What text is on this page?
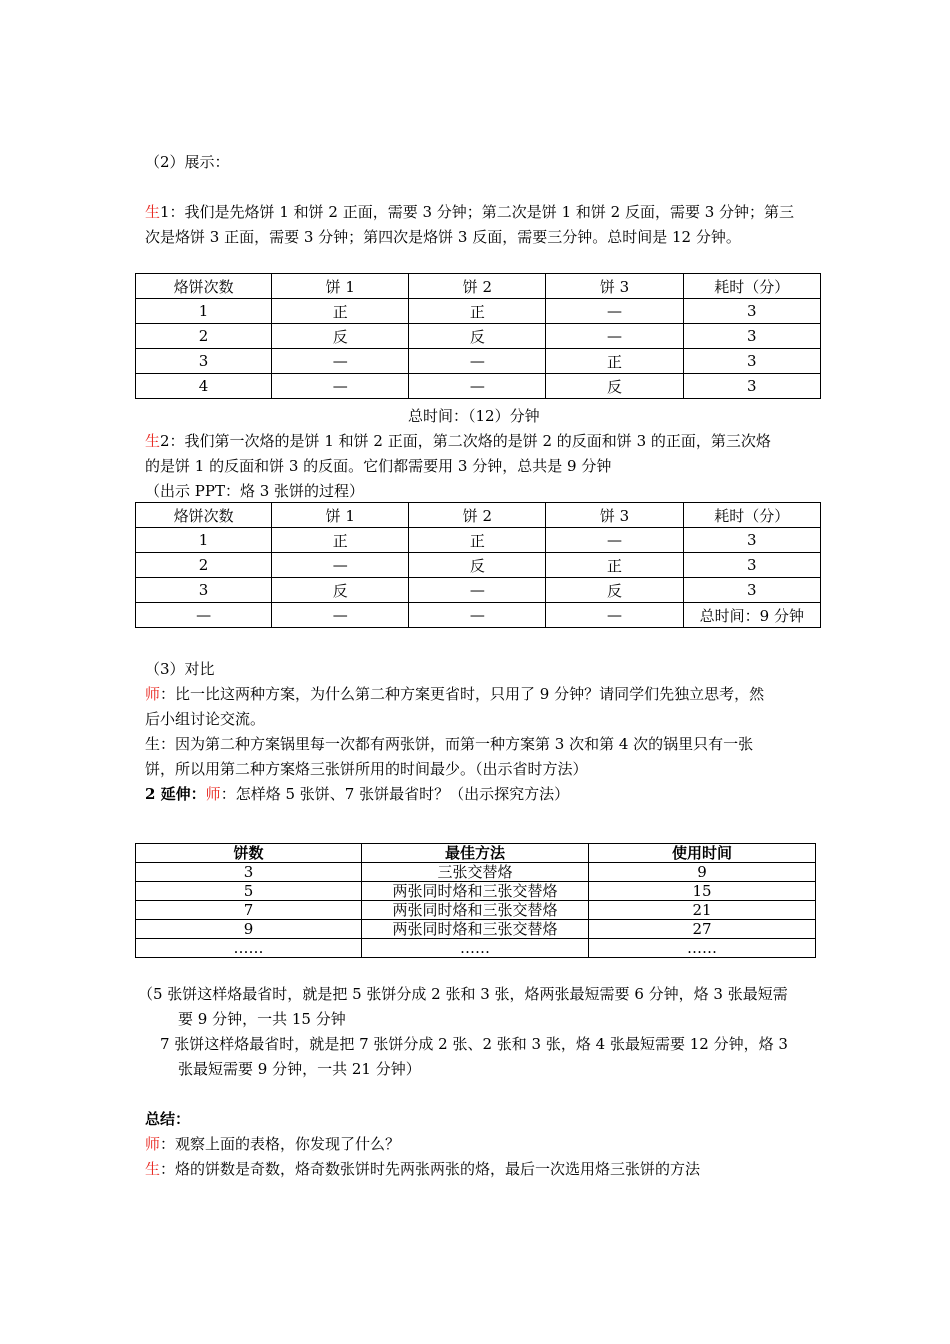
（2）展示：
生1：我们是先烙饼 1 和饼 2 正面，需要 3 分钟；第二次是饼 1 和饼 2 反面，需要 3 分钟；第三
次是烙饼 3 正面，需要 3 分钟；第四次是烙饼 3 反面，需要三分钟。总时间是 12 分钟。
烙饼次数	饼 1	饼 2	饼 3	耗时（分）
1	正	正	—	3
2	反	反	—	3
3	—	—	正	3
4	—	—	反	3
总时间：（12）分钟
生2：我们第一次烙的是饼 1 和饼 2 正面，第二次烙的是饼 2 的反面和饼 3 的正面，第三次烙
的是饼 1 的反面和饼 3 的反面。它们都需要用 3 分钟，总共是 9 分钟
（出示 PPT：烙 3 张饼的过程）
烙饼次数	饼 1	饼 2	饼 3	耗时（分）
1	正	正	—	3
2	—	反	正	3
3	反	—	反	3
—	—	—	—	总时间：9 分钟
（3）对比
师：比一比这两种方案，为什么第二种方案更省时，只用了 9 分钟？请同学们先独立思考，然
后小组讨论交流。
生：因为第二种方案锅里每一次都有两张饼，而第一种方案第 3 次和第 4 次的锅里只有一张
饼，所以用第二种方案烙三张饼所用的时间最少。（出示省时方法）
2 延伸：师：怎样烙 5 张饼、7 张饼最省时？（出示探究方法）
饼数	最佳方法	使用时间
3	三张交替烙	9
5	两张同时烙和三张交替烙	15
7	两张同时烙和三张交替烙	21
9	两张同时烙和三张交替烙	27
……	……	……
（5 张饼这样烙最省时，就是把 5 张饼分成 2 张和 3 张，烙两张最短需要 6 分钟，烙 3 张最短需
要 9 分钟，一共 15 分钟
7 张饼这样烙最省时，就是把 7 张饼分成 2 张、2 张和 3 张，烙 4 张最短需要 12 分钟，烙 3
张最短需要 9 分钟，一共 21 分钟）
总结：
师：观察上面的表格，你发现了什么？
生：烙的饼数是奇数，烙奇数张饼时先两张两张的烙，最后一次选用烙三张饼的方法
